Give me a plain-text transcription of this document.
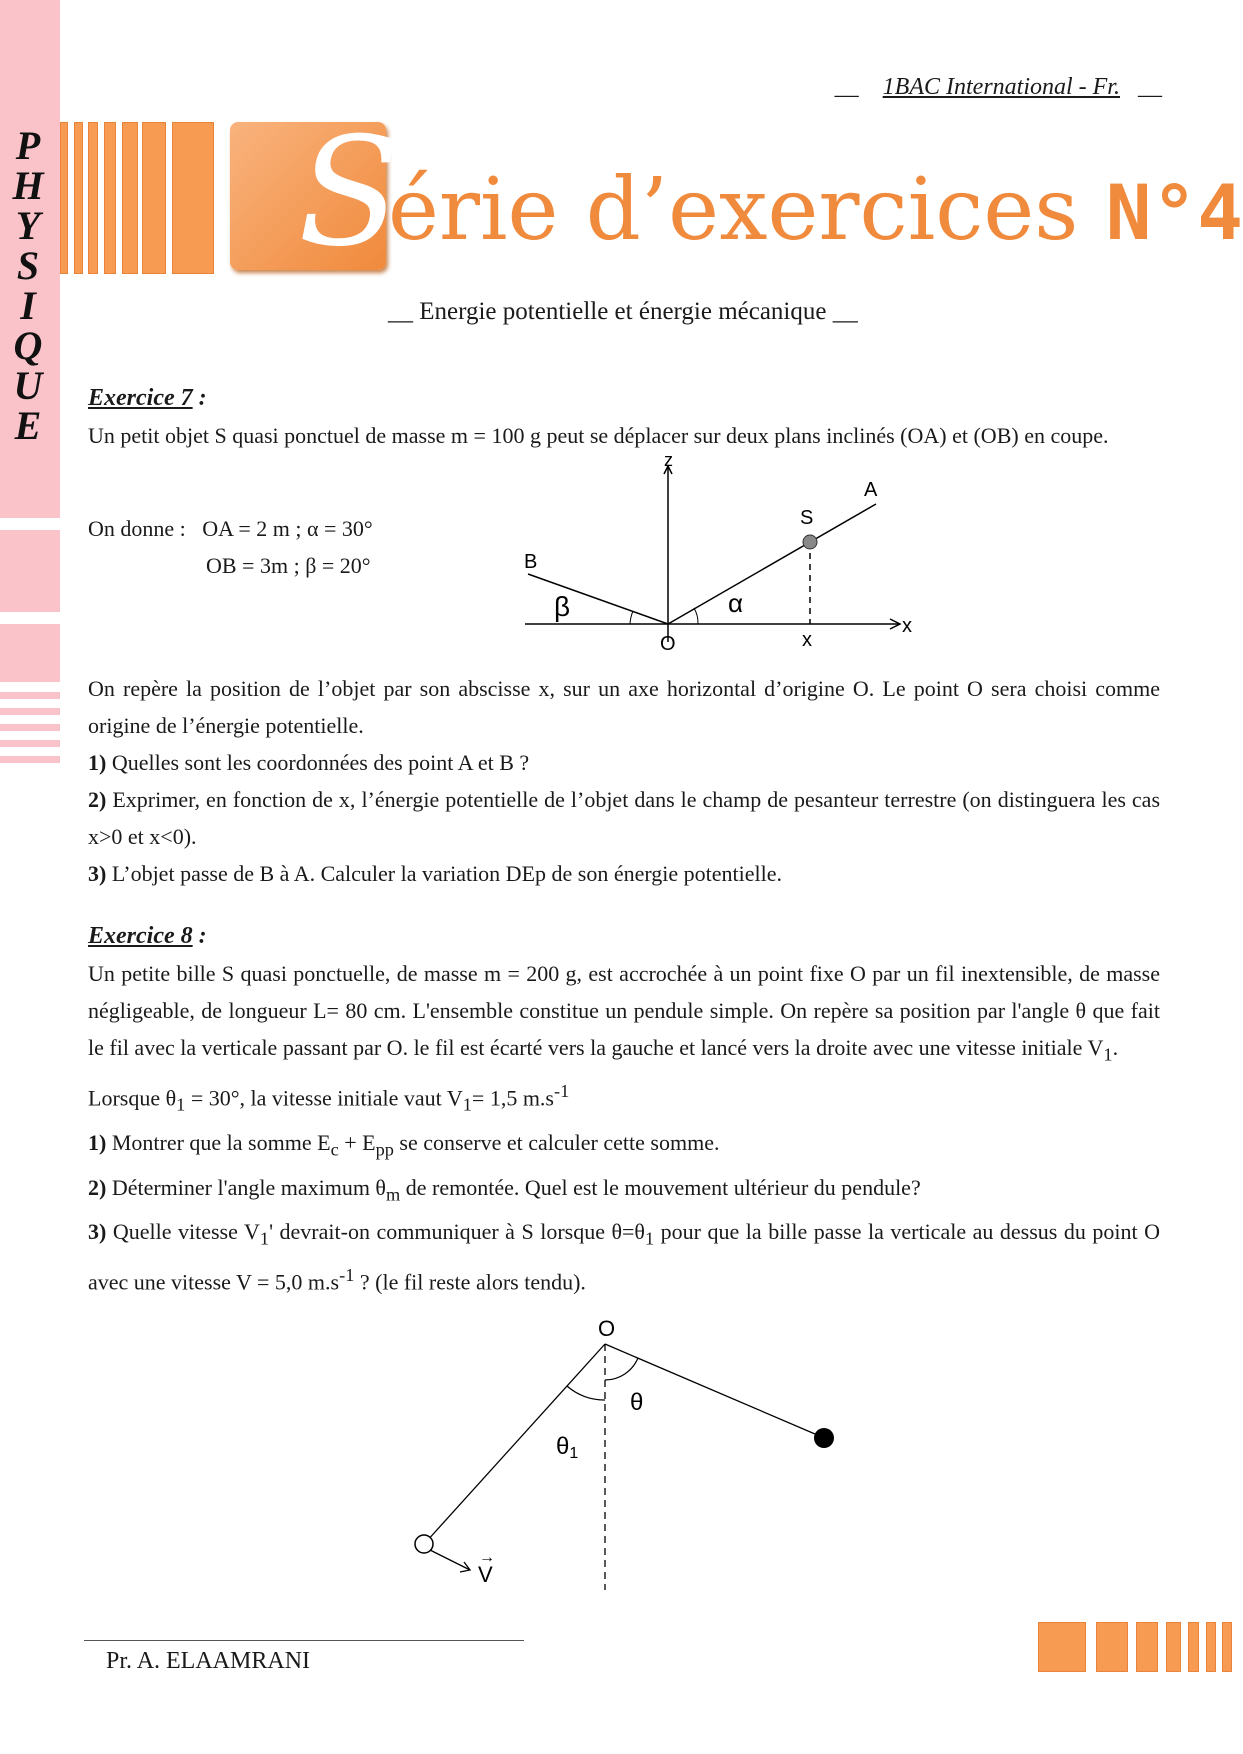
P
H
Y
S
I
Q
U
E
__ 1BAC International - Fr. __
S
érie d’exercices N°4
__ Energie potentielle et énergie mécanique __
Exercice 7 :

Un petit objet S quasi ponctuel de masse m = 100 g peut se déplacer sur deux plans inclinés (OA) et (OB) en coupe.

On donne : OA = 2 m ; α = 30°
OB = 3m ; β = 20°
z
A
S
B
β	α
O
x
x

On repère la position de l’objet par son abscisse x, sur un axe horizontal d’origine O. Le point O sera choisi comme origine de l’énergie potentielle.

1) Quelles sont les coordonnées des point A et B ?

2) Exprimer, en fonction de x, l’énergie potentielle de l’objet dans le champ de pesanteur terrestre (on distinguera les cas x>0 et x<0).

3) L’objet passe de B à A. Calculer la variation DEp de son énergie potentielle.

Exercice 8 :

Un petite bille S quasi ponctuelle, de masse m = 200 g, est accrochée à un point fixe O par un fil inextensible, de masse négligeable, de longueur L= 80 cm. L'ensemble constitue un pendule simple. On repère sa position par l'angle θ que fait le fil avec la verticale passant par O. le fil est écarté vers la gauche et lancé vers la droite avec une vitesse initiale $V_1$.

Lorsque $\theta_1 = 30^\circ$, la vitesse initiale vaut $V_1= 1,5$ $m.s^{-1}$

1) Montrer que la somme $E_c + E_{pp}$ se conserve et calculer cette somme.

2) Déterminer l'angle maximum $\theta_m$ de remontée. Quel est le mouvement ultérieur du pendule?

3) Quelle vitesse $V_1'$ devrait-on communiquer à S lorsque $\theta=\theta_1$ pour que la bille passe la verticale au dessus du point O avec une vitesse V = 5,0 $m.s^{-1}$ ? (le fil reste alors tendu).

O
θ
θ1
V
→
Pr. A. ELAAMRANI
